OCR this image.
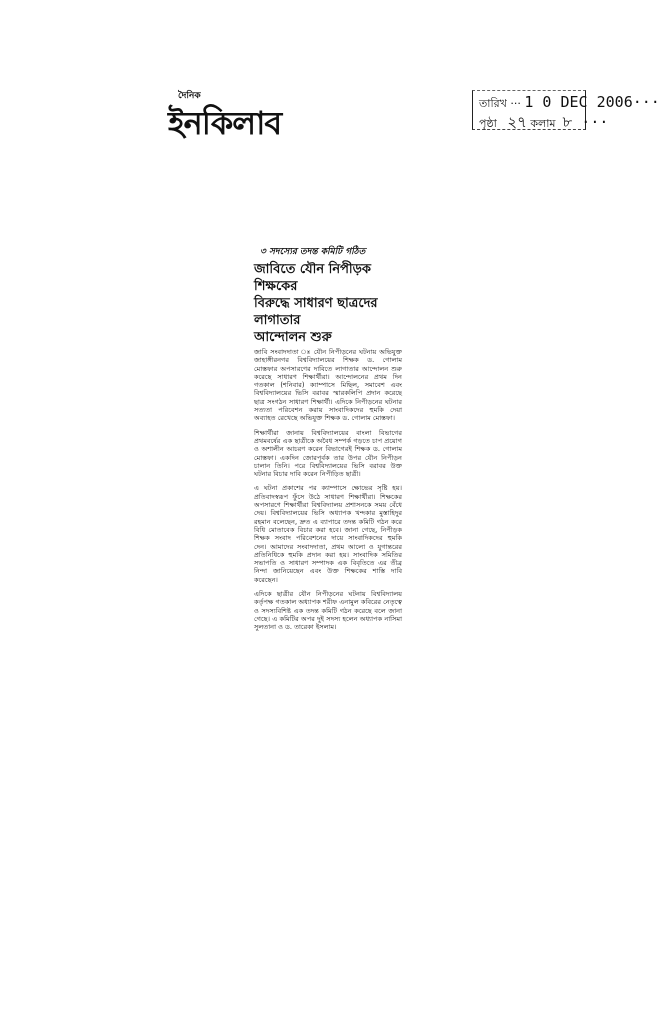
দৈনিক
ইনকিলাব
তারিখ ··· 1 0 DEC 2006···
পৃষ্ঠা ২৭ কলাম ৮ ···
৩ সদস্যের তদন্ত কমিটি গঠিত
জাবিতে যৌন নিপীড়ক শিক্ষকের
বিরুদ্ধে সাধারণ ছাত্রদের লাগাতার
আন্দোলন শুরু

জাবি সংবাদদাতা ঃ যৌন নিপীড়নের ঘটনায় অভিযুক্ত জাহাঙ্গীরনগর বিশ্ববিদ্যালয়ের শিক্ষক ড. গোলাম মোস্তফার অপসারণের দাবিতে লাগাতার আন্দোলন শুরু করেছে সাধারণ শিক্ষার্থীরা। আন্দোলনের প্রথম দিন গতকাল (শনিবার) ক্যাম্পাসে মিছিল, সমাবেশ এবং বিশ্ববিদ্যালয়ের ভিসি বরাবর স্মারকলিপি প্রদান করেছে ছাত্র সংগঠন সাধারণ শিক্ষার্থী। এদিকে নিপীড়নের ঘটনার সত্যতা পরিবেশন করায় সাংবাদিকদের হুমকি দেয়া অব্যাহত রেখেছে অভিযুক্ত শিক্ষক ড. গোলাম মোস্তফা।

শিক্ষার্থীরা জানায় বিশ্ববিদ্যালয়ের বাংলা বিভাগের প্রথমবর্ষের এক ছাত্রীকে অবৈধ সম্পর্ক গড়তে চাপ প্রয়োগ ও অশালীন আচরণ করেন বিভাগেরই শিক্ষক ড. গোলাম মোস্তফা। একদিন জোরপূর্বক তার উপর যৌন নিপীড়ন চালান তিনি। পরে বিশ্ববিদ্যালয়ের ভিসি বরাবর উক্ত ঘটনার বিচার দাবি করেন নিপীড়িত ছাত্রী।

এ ঘটনা প্রকাশের পর ক্যাম্পাসে ক্ষোভের সৃষ্টি হয়। প্রতিবাদস্বরূপ ফুঁসে উঠে সাধারণ শিক্ষার্থীরা। শিক্ষকের অপসারণে শিক্ষার্থীরা বিশ্ববিদ্যালয় প্রশাসনকে সময় বেঁধে দেয়। বিশ্ববিদ্যালয়ের ভিসি অধ্যাপক খন্দকার মুস্তাহিদুর রহমান বলেছেন, দ্রুত এ ব্যাপারে তদন্ত কমিটি গঠন করে বিধি মোতাবেক বিচার করা হবে। জানা গেছে, নিপীড়ক শিক্ষক সংবাদ পরিবেশনের দায়ে সাংবাদিকদের হুমকি দেন। আমাদের সংবাদদাতা, প্রথম আলো ও যুগান্তরের প্রতিনিধিকে হুমকি প্রদান করা হয়। সাংবাদিক সমিতির সভাপতি ও সাধারণ সম্পাদক এক বিবৃতিতে এর তীব্র নিন্দা জানিয়েছেন এবং উক্ত শিক্ষকের শাস্তি দাবি করেছেন।

এদিকে ছাত্রীর যৌন নিপীড়নের ঘটনায় বিশ্ববিদ্যালয় কর্তৃপক্ষ গতকাল অধ্যাপক শরীফ এনামুল কবিরের নেতৃত্বে ও সদস্যবিশিষ্ট এক তদন্ত কমিটি গঠন করেছে বলে জানা গেছে। এ কমিটির অপর দুই সদস্য হলেন অধ্যাপক নাসিমা সুলতানা ও ড. তারেকা ইসলাম।
